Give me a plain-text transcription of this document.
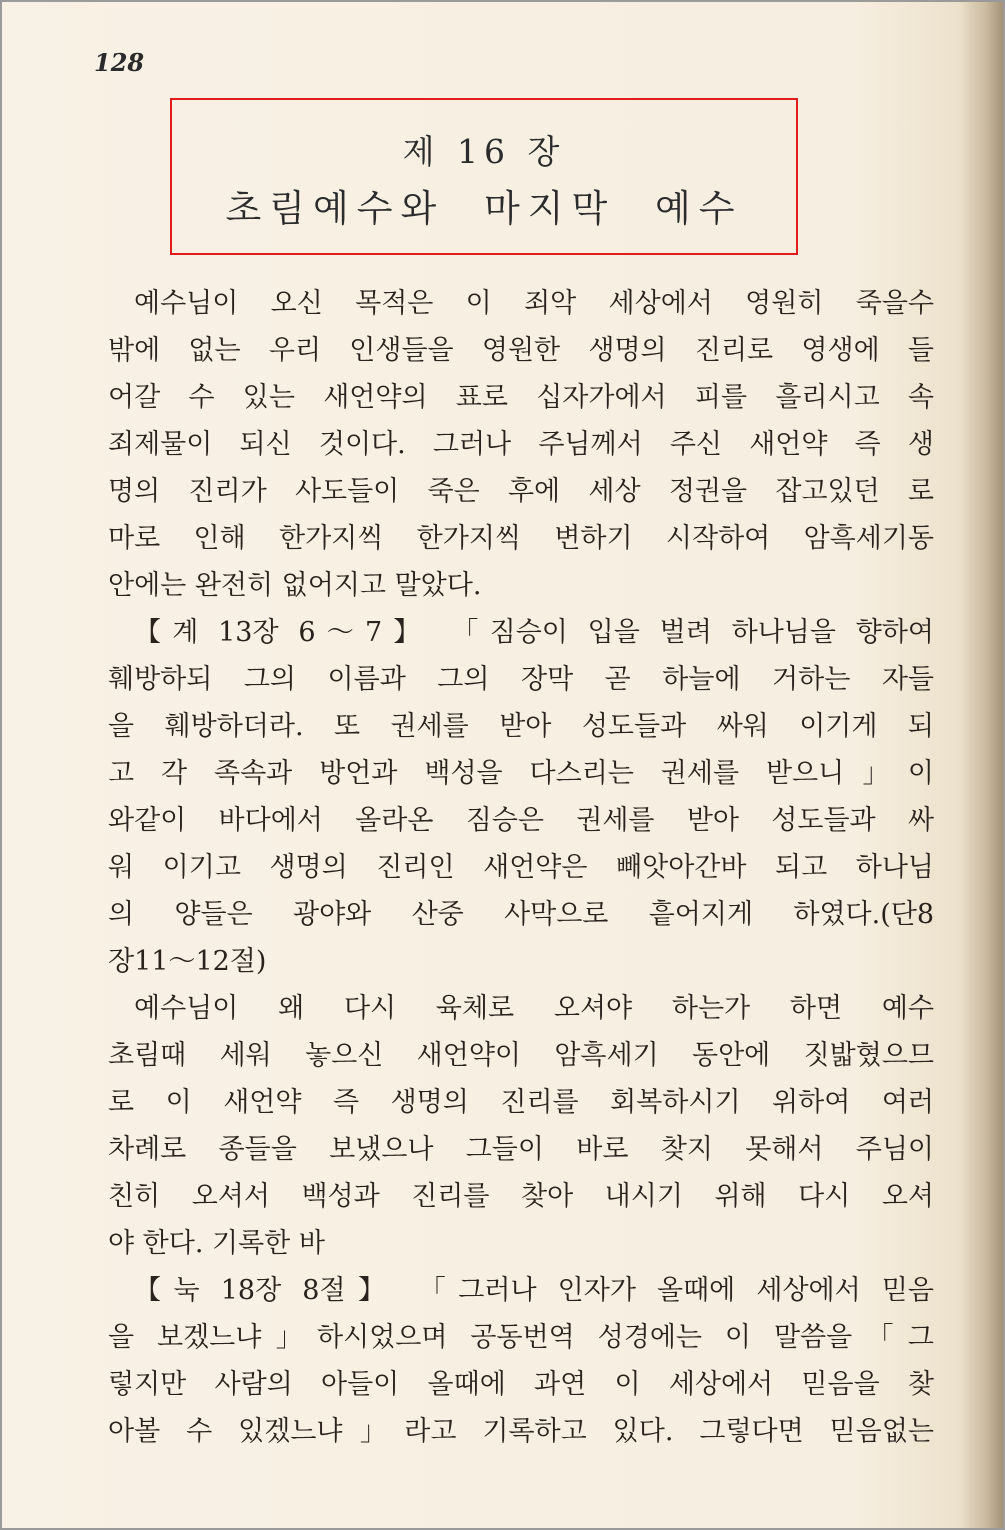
128
제 16 장
초림예수와 마지막 예수
예수님이 오신 목적은 이 죄악 세상에서 영원히 죽을수
밖에 없는 우리 인생들을 영원한 생명의 진리로 영생에 들
어갈 수 있는 새언약의 표로 십자가에서 피를 흘리시고 속
죄제물이 되신 것이다. 그러나 주님께서 주신 새언약 즉 생
명의 진리가 사도들이 죽은 후에 세상 정권을 잡고있던 로
마로 인해 한가지씩 한가지씩 변하기 시작하여 암흑세기동
안에는 완전히 없어지고 말았다.
【계 13장 6～7】 「짐승이 입을 벌려 하나님을 향하여
훼방하되 그의 이름과 그의 장막 곧 하늘에 거하는 자들
을 훼방하더라. 또 권세를 받아 성도들과 싸워 이기게 되
고 각 족속과 방언과 백성을 다스리는 권세를 받으니」이
와같이 바다에서 올라온 짐승은 권세를 받아 성도들과 싸
워 이기고 생명의 진리인 새언약은 빼앗아간바 되고 하나님
의 양들은 광야와 산중 사막으로 흩어지게 하였다.(단8
장11～12절)
예수님이 왜 다시 육체로 오셔야 하는가 하면 예수
초림때 세워 놓으신 새언약이 암흑세기 동안에 짓밟혔으므
로 이 새언약 즉 생명의 진리를 회복하시기 위하여 여러
차례로 종들을 보냈으나 그들이 바로 찾지 못해서 주님이
친히 오셔서 백성과 진리를 찾아 내시기 위해 다시 오셔
야 한다. 기록한 바
【눅 18장 8절】 「그러나 인자가 올때에 세상에서 믿음
을 보겠느냐」하시었으며 공동번역 성경에는 이 말씀을「그
렇지만 사람의 아들이 올때에 과연 이 세상에서 믿음을 찾
아볼 수 있겠느냐」라고 기록하고 있다. 그렇다면 믿음없는
